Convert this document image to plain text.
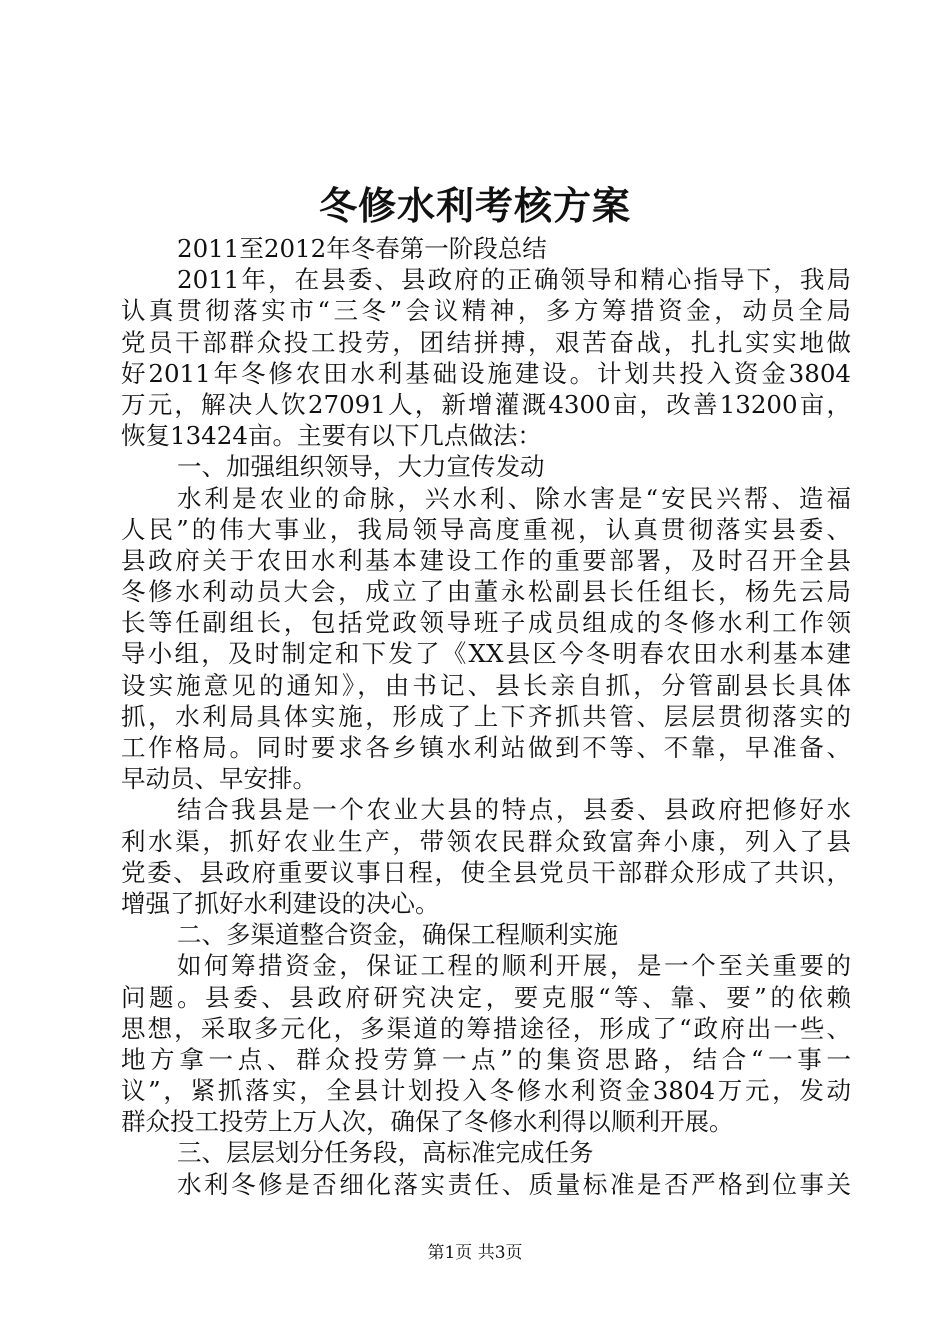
冬修水利考核方案
2011至2012年冬春第一阶段总结
2011年，在县委、县政府的正确领导和精心指导下，我局
认真贯彻落实市“三冬”会议精神，多方筹措资金，动员全局
党员干部群众投工投劳，团结拼搏，艰苦奋战，扎扎实实地做
好2011年冬修农田水利基础设施建设。计划共投入资金3804
万元，解决人饮27091人，新增灌溉4300亩，改善13200亩，
恢复13424亩。主要有以下几点做法：
一、加强组织领导，大力宣传发动
水利是农业的命脉，兴水利、除水害是“安民兴帮、造福
人民”的伟大事业，我局领导高度重视，认真贯彻落实县委、
县政府关于农田水利基本建设工作的重要部署，及时召开全县
冬修水利动员大会，成立了由董永松副县长任组长，杨先云局
长等任副组长，包括党政领导班子成员组成的冬修水利工作领
导小组，及时制定和下发了《XX县区今冬明春农田水利基本建
设实施意见的通知》，由书记、县长亲自抓，分管副县长具体
抓，水利局具体实施，形成了上下齐抓共管、层层贯彻落实的
工作格局。同时要求各乡镇水利站做到不等、不靠，早准备、
早动员、早安排。
结合我县是一个农业大县的特点，县委、县政府把修好水
利水渠，抓好农业生产，带领农民群众致富奔小康，列入了县
党委、县政府重要议事日程，使全县党员干部群众形成了共识，
增强了抓好水利建设的决心。
二、多渠道整合资金，确保工程顺利实施
如何筹措资金，保证工程的顺利开展，是一个至关重要的
问题。县委、县政府研究决定，要克服“等、靠、要”的依赖
思想，采取多元化，多渠道的筹措途径，形成了“政府出一些、
地方拿一点、群众投劳算一点”的集资思路，结合“一事一
议”，紧抓落实，全县计划投入冬修水利资金3804万元，发动
群众投工投劳上万人次，确保了冬修水利得以顺利开展。
三、层层划分任务段，高标准完成任务
水利冬修是否细化落实责任、质量标准是否严格到位事关
第1页 共3页
